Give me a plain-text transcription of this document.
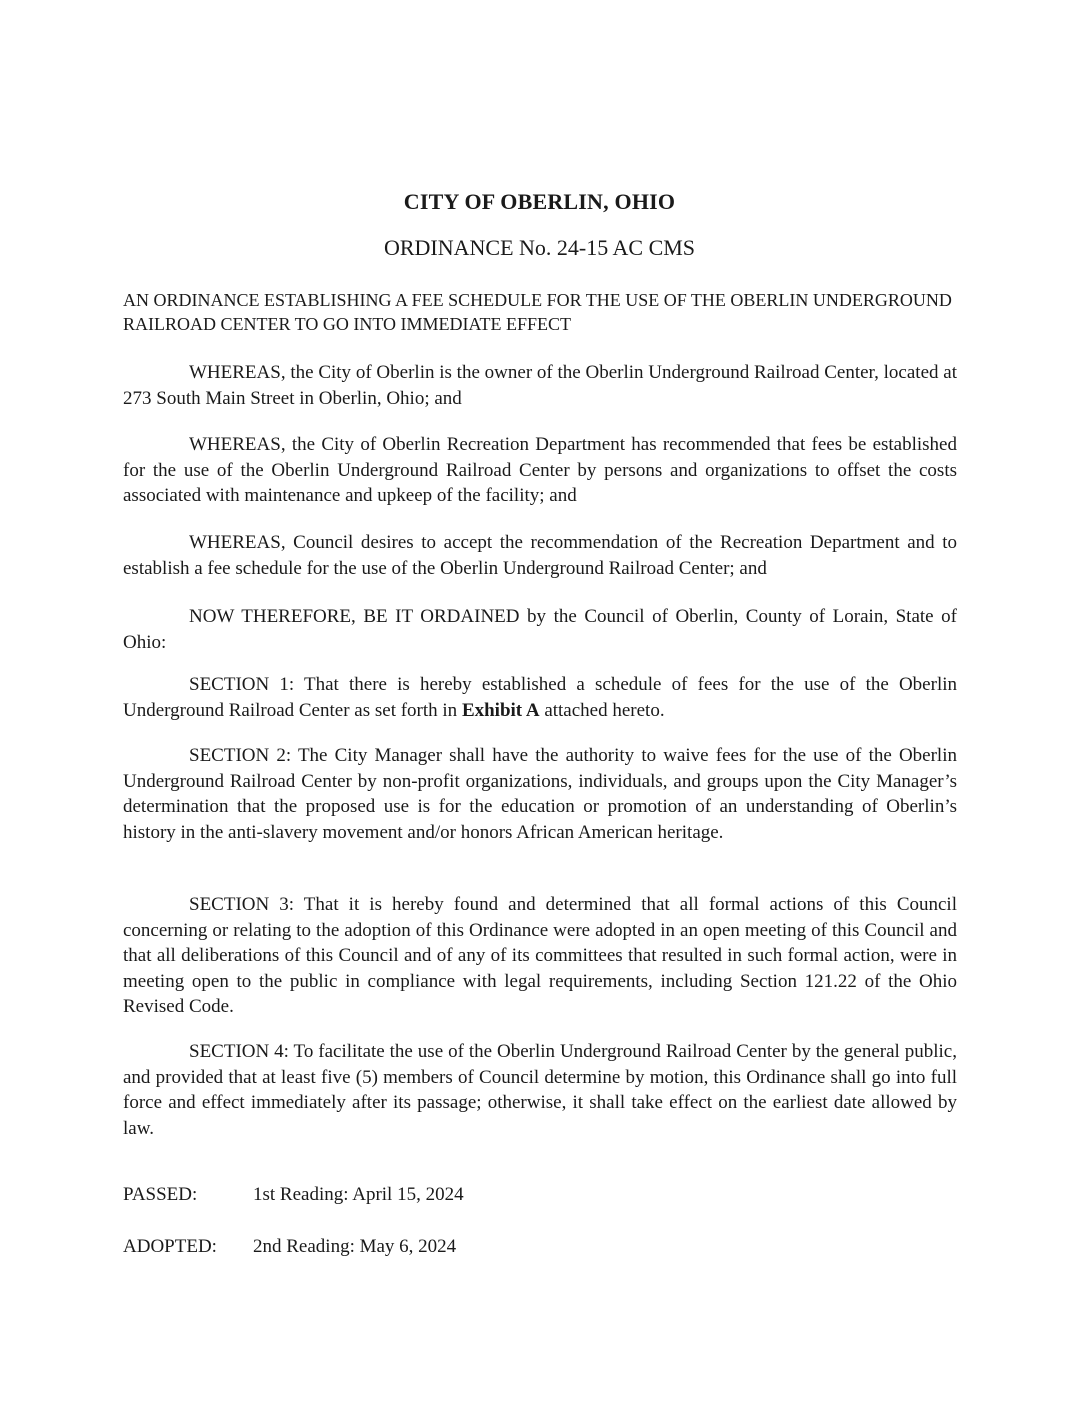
CITY OF OBERLIN, OHIO
ORDINANCE No. 24-15 AC CMS
AN ORDINANCE ESTABLISHING A FEE SCHEDULE FOR THE USE OF THE OBERLIN UNDERGROUND RAILROAD CENTER TO GO INTO IMMEDIATE EFFECT
WHEREAS, the City of Oberlin is the owner of the Oberlin Underground Railroad Center, located at 273 South Main Street in Oberlin, Ohio; and
WHEREAS, the City of Oberlin Recreation Department has recommended that fees be established for the use of the Oberlin Underground Railroad Center by persons and organizations to offset the costs associated with maintenance and upkeep of the facility; and
WHEREAS, Council desires to accept the recommendation of the Recreation Department and to establish a fee schedule for the use of the Oberlin Underground Railroad Center; and
NOW THEREFORE, BE IT ORDAINED by the Council of Oberlin, County of Lorain, State of Ohio:
SECTION 1: That there is hereby established a schedule of fees for the use of the Oberlin Underground Railroad Center as set forth in Exhibit A attached hereto.
SECTION 2: The City Manager shall have the authority to waive fees for the use of the Oberlin Underground Railroad Center by non-profit organizations, individuals, and groups upon the City Manager’s determination that the proposed use is for the education or promotion of an understanding of Oberlin’s history in the anti-slavery movement and/or honors African American heritage.
SECTION 3: That it is hereby found and determined that all formal actions of this Council concerning or relating to the adoption of this Ordinance were adopted in an open meeting of this Council and that all deliberations of this Council and of any of its committees that resulted in such formal action, were in meeting open to the public in compliance with legal requirements, including Section 121.22 of the Ohio Revised Code.
SECTION 4: To facilitate the use of the Oberlin Underground Railroad Center by the general public, and provided that at least five (5) members of Council determine by motion, this Ordinance shall go into full force and effect immediately after its passage; otherwise, it shall take effect on the earliest date allowed by law.
PASSED:	1st Reading: April 15, 2024
ADOPTED: 2nd Reading: May 6, 2024
